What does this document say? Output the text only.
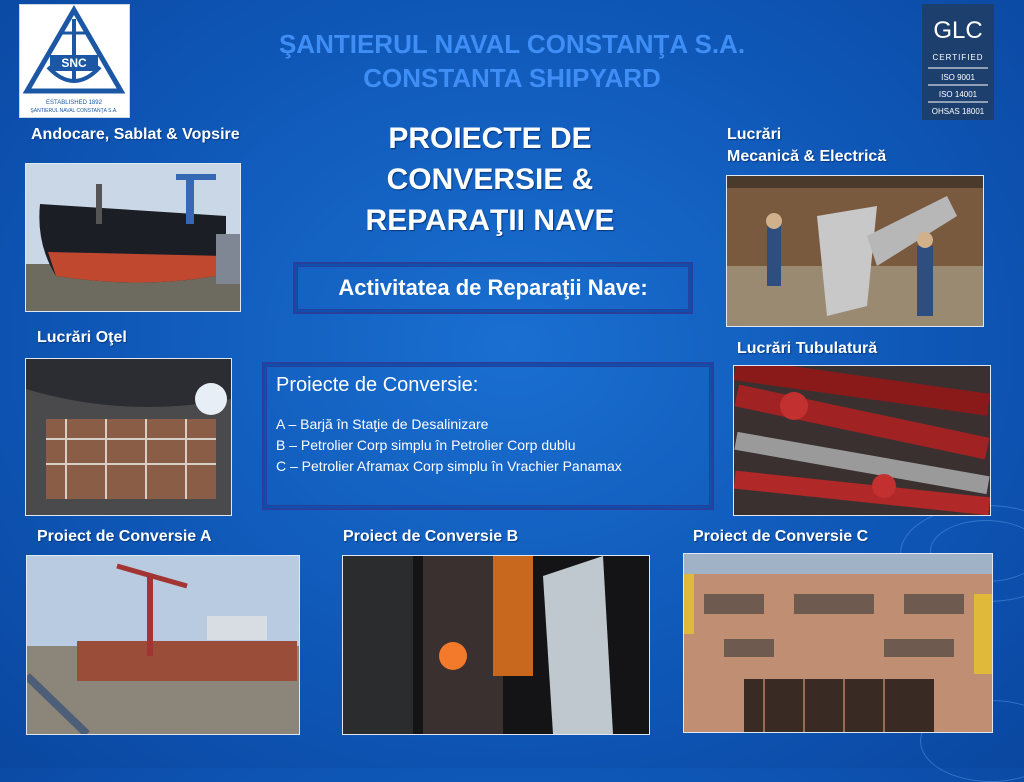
SNC
ESTABLISHED 1892
ŞANTIERUL NAVAL CONSTANŢA S.A.
GLC
CERTIFIED
ISO 9001
ISO 14001
OHSAS 18001
ŞANTIERUL NAVAL CONSTANŢA S.A.
CONSTANTA SHIPYARD
PROIECTE DE
CONVERSIE &
REPARAŢII NAVE
Activitatea de Reparaţii Nave:
Proiecte de Conversie:
A – Barjă în Staţie de Desalinizare
B – Petrolier Corp simplu în Petrolier Corp dublu
C – Petrolier Aframax Corp simplu în Vrachier Panamax
Andocare, Sablat & Vopsire	Lucrări
Mecanică & Electrică
Lucrări Oţel
Lucrări Tubulatură
Proiect de Conversie A	Proiect de Conversie B	Proiect de Conversie C
